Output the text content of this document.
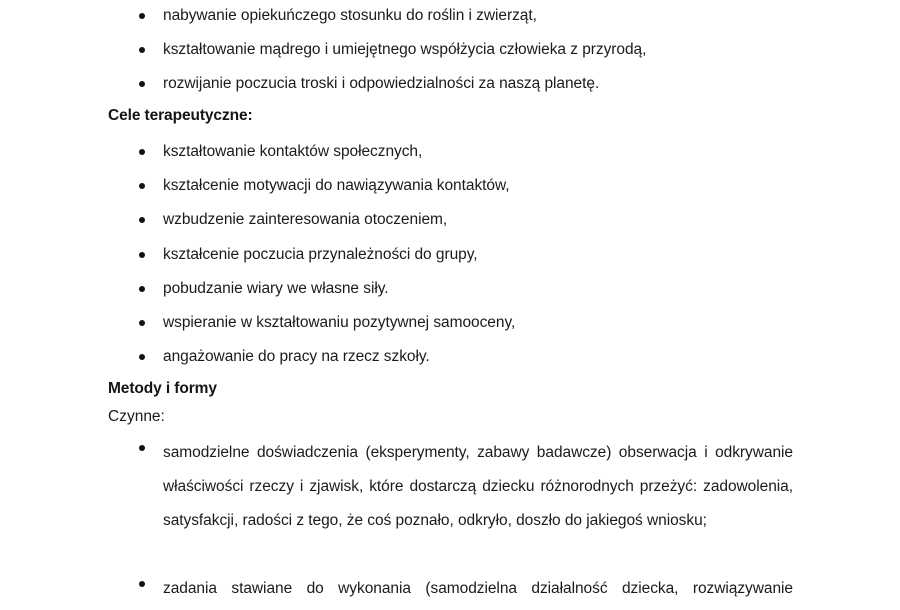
nabywanie opiekuńczego stosunku do roślin i zwierząt,
kształtowanie mądrego i umiejętnego współżycia człowieka z przyrodą,
rozwijanie poczucia troski i odpowiedzialności za naszą planetę.
Cele terapeutyczne:
kształtowanie kontaktów społecznych,
kształcenie motywacji do nawiązywania kontaktów,
wzbudzenie zainteresowania otoczeniem,
kształcenie poczucia przynależności do grupy,
pobudzanie wiary we własne siły.
wspieranie w kształtowaniu pozytywnej samooceny,
angażowanie do pracy na rzecz szkoły.
Metody i formy
Czynne:
samodzielne doświadczenia (eksperymenty, zabawy badawcze) obserwacja i odkrywanie właściwości rzeczy i zjawisk, które dostarczą dziecku różnorodnych przeżyć: zadowolenia, satysfakcji, radości z tego, że coś poznało, odkryło, doszło do jakiegoś wniosku;
zadania stawiane do wykonania (samodzielna działalność dziecka, rozwiązywanie
